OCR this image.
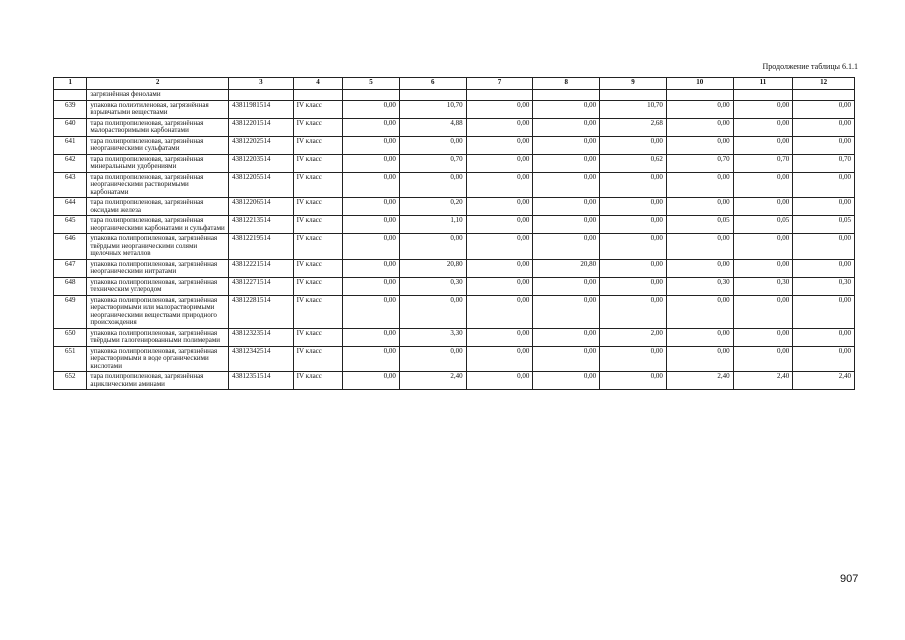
Продолжение таблицы 6.1.1
1	2	3	4	5	6	7	8	9	10	11	12
	загрязнённая фенолами										
639	упаковка полиэтиленовая, загрязнённая взрывчатыми веществами	43811981514	IV класс	0,00	10,70	0,00	0,00	10,70	0,00	0,00	0,00
640	тара полипропиленовая, загрязнённая малорастворимыми карбонатами	43812201514	IV класс	0,00	4,88	0,00	0,00	2,68	0,00	0,00	0,00
641	тара полипропиленовая, загрязнённая неорганическими сульфатами	43812202514	IV класс	0,00	0,00	0,00	0,00	0,00	0,00	0,00	0,00
642	тара полипропиленовая, загрязнённая минеральными удобрениями	43812203514	IV класс	0,00	0,70	0,00	0,00	0,62	0,70	0,70	0,70
643	тара полипропиленовая, загрязнённая неорганическими растворимыми карбонатами	43812205514	IV класс	0,00	0,00	0,00	0,00	0,00	0,00	0,00	0,00
644	тара полипропиленовая, загрязнённая оксидами железа	43812206514	IV класс	0,00	0,20	0,00	0,00	0,00	0,00	0,00	0,00
645	тара полипропиленовая, загрязнённая неорганическими карбонатами и сульфатами	43812213514	IV класс	0,00	1,10	0,00	0,00	0,00	0,05	0,05	0,05
646	упаковка полипропиленовая, загрязнённая твёрдыми неорганическими солями щелочных металлов	43812219514	IV класс	0,00	0,00	0,00	0,00	0,00	0,00	0,00	0,00
647	упаковка полипропиленовая, загрязнённая неорганическими нитратами	43812221514	IV класс	0,00	20,80	0,00	20,80	0,00	0,00	0,00	0,00
648	упаковка полипропиленовая, загрязнённая техническим углеродом	43812271514	IV класс	0,00	0,30	0,00	0,00	0,00	0,30	0,30	0,30
649	упаковка полипропиленовая, загрязнённая нерастворимыми или малорастворимыми неорганическими веществами природного происхождения	43812281514	IV класс	0,00	0,00	0,00	0,00	0,00	0,00	0,00	0,00
650	упаковка полипропиленовая, загрязнённая твёрдыми галогенированными полимерами	43812323514	IV класс	0,00	3,30	0,00	0,00	2,00	0,00	0,00	0,00
651	упаковка полипропиленовая, загрязнённая нерастворимыми в воде органическими кислотами	43812342514	IV класс	0,00	0,00	0,00	0,00	0,00	0,00	0,00	0,00
652	тара полипропиленовая, загрязнённая ациклическими аминами	43812351514	IV класс	0,00	2,40	0,00	0,00	0,00	2,40	2,40	2,40
907
